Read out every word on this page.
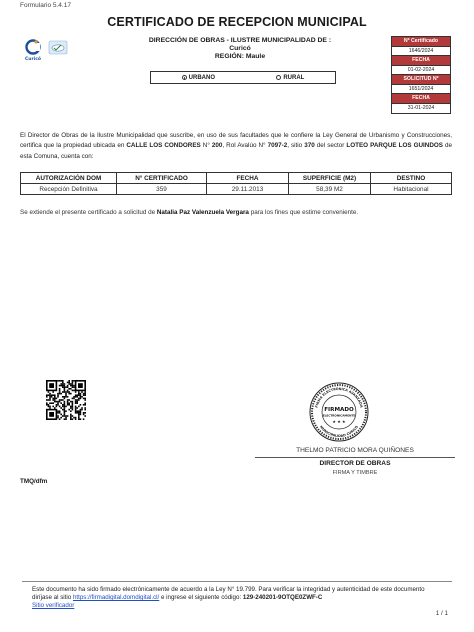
Formulario 5.4.17
CERTIFICADO DE RECEPCION MUNICIPAL
Curicó
DIRECCIÓN DE OBRAS - ILUSTRE MUNICIPALIDAD DE :
Curicó
REGIÓN: Maule
URBANO	RURAL
Nº Certificado
1646/2024
FECHA
01-02-2024
SOLICITUD Nº
1651/2024
FECHA
31-01-2024
El Director de Obras de la Ilustre Municipalidad que suscribe, en uso de sus facultades que le confiere la Ley General de Urbanismo y Construcciones, certifica que la propiedad ubicada en CALLE LOS CONDORES N° 200, Rol Avalúo N° 7097-2, sitio 370 del sector LOTEO PARQUE LOS GUINDOS de esta Comuna, cuenta con:
AUTORIZACIÓN DOM	N° CERTIFICADO	FECHA	SUPERFICIE (M2)	DESTINO
Recepción Definitiva	359	29.11.2013	58,39 M2	Habitacional
Se extiende el presente certificado a solicitud de Natalia Paz Valenzuela Vergara para los fines que estime conveniente.
FIRMA ELECTRÓNICA AVANZADA
MUNICIPALIDAD CURICÓ
FIRMADO
ELECTRÓNICAMENTE
★ ★ ★
THELMO PATRICIO MORA QUIÑONES
DIRECTOR DE OBRAS
FIRMA Y TIMBRE
TMQ/dfm
Este documento ha sido firmado electrónicamente de acuerdo a la Ley N° 19.799. Para verificar la integridad y autenticidad de este documento diríjase al sitio https://firmadigital.domdigital.cl/ e ingrese el siguiente código: 129-240201-9OTQE0ZWF-C
Sitio verificador
1 / 1
